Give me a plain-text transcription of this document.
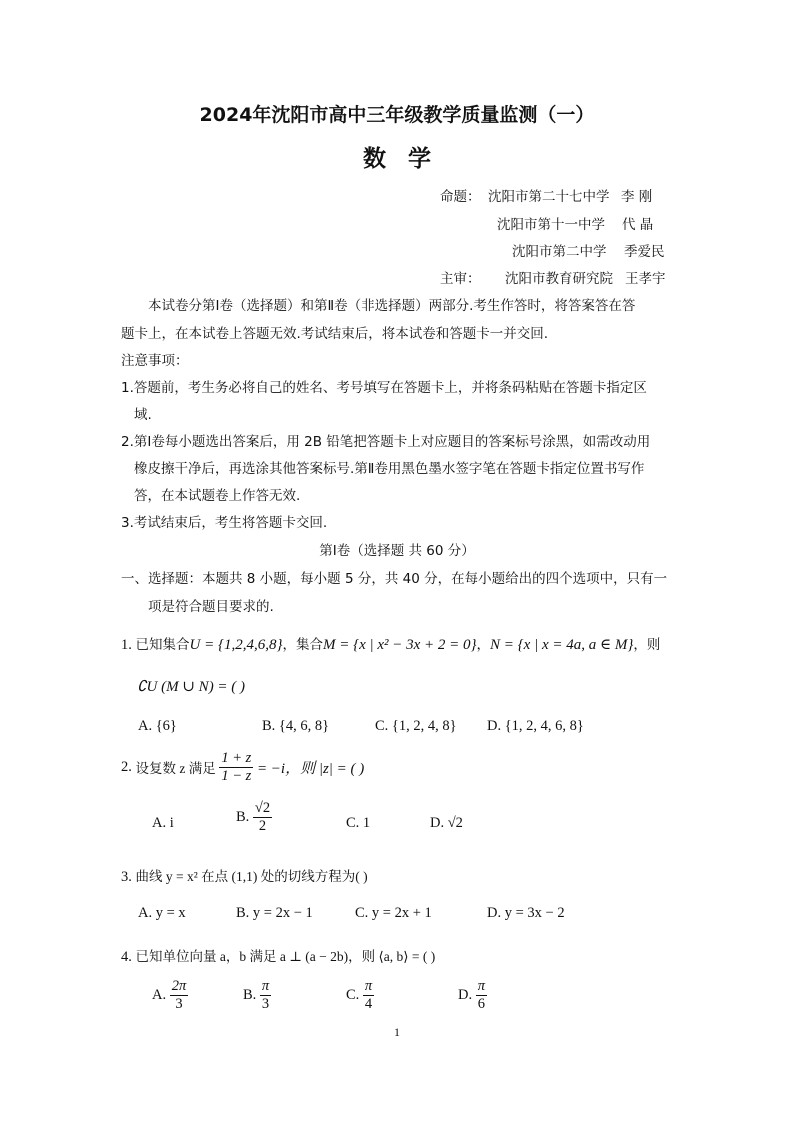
2024年沈阳市高中三年级教学质量监测（一）
数学
命题： 沈阳市第二十七中学 李 刚
沈阳市第十一中学 代 晶
沈阳市第二中学 季爱民
主审： 沈阳市教育研究院 王孝宇
本试卷分第Ⅰ卷（选择题）和第Ⅱ卷（非选择题）两部分.考生作答时，将答案答在答
题卡上，在本试卷上答题无效.考试结束后，将本试卷和答题卡一并交回.
注意事项：
1.答题前，考生务必将自己的姓名、考号填写在答题卡上，并将条码粘贴在答题卡指定区
域.
2.第Ⅰ卷每小题选出答案后，用 2B 铅笔把答题卡上对应题目的答案标号涂黑，如需改动用
橡皮擦干净后，再选涂其他答案标号.第Ⅱ卷用黑色墨水签字笔在答题卡指定位置书写作
答，在本试题卷上作答无效.
3.考试结束后，考生将答题卡交回.
第Ⅰ卷（选择题 共 60 分）
一、选择题：本题共 8 小题，每小题 5 分，共 40 分，在每小题给出的四个选项中，只有一
项是符合题目要求的.
1. 已知集合U = {1,2,4,6,8}，集合M = {x | x² − 3x + 2 = 0}，N = {x | x = 4a, a ∈ M}，则
∁U (M ∪ N) = ( )
A. {6}	B. {4, 6, 8}	C. {1, 2, 4, 8} D. {1, 2, 4, 6, 8}
2. 设复数 z 满足 $\frac{1 + z}{1 - z} = -i$，则 |z| = ( )
A. i	B. $\frac{√2}{2}$	C. 1	D. √2
3. 曲线 y = x² 在点 (1,1) 处的切线方程为( )
A. y = x	B. y = 2x − 1	C. y = 2x + 1	D. y = 3x − 2
4. 已知单位向量 a，b 满足 a ⊥ (a − 2b)，则 ⟨a, b⟩ = ( )
A. $\frac{2\pi}{3}$	B. $\frac{\pi}{3}$	C. $\frac{\pi}{4}$	D. $\frac{\pi}{6}$
1
